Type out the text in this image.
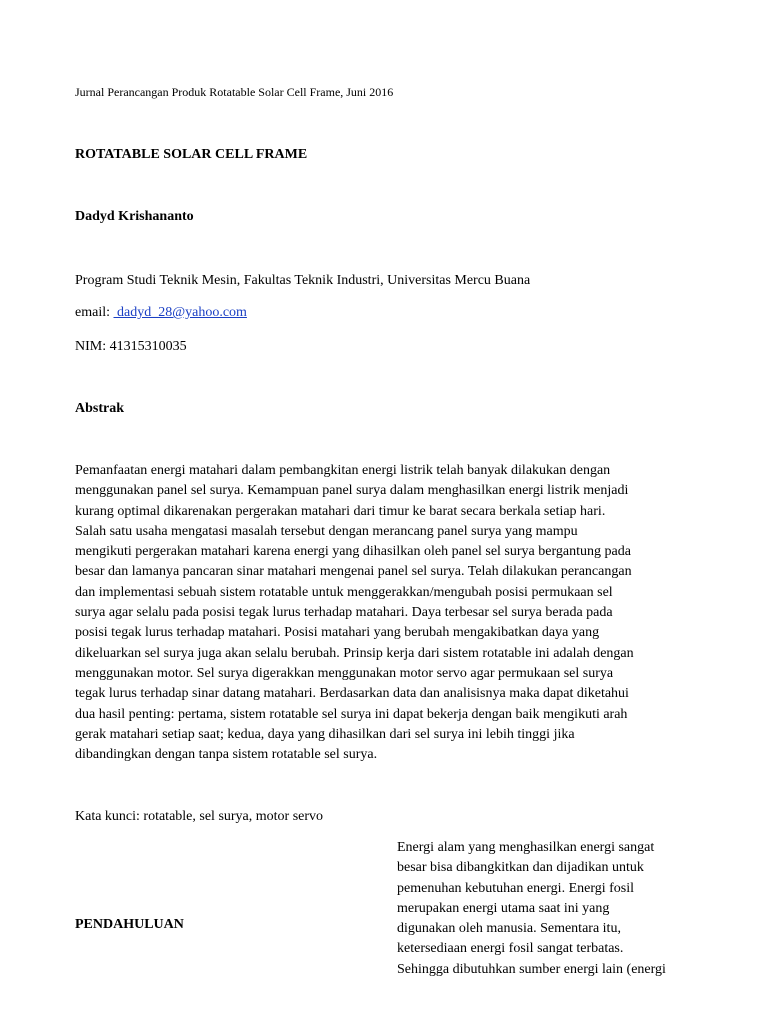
Jurnal Perancangan Produk Rotatable Solar Cell Frame, Juni 2016
ROTATABLE SOLAR CELL FRAME
Dadyd Krishananto
Program Studi Teknik Mesin, Fakultas Teknik Industri, Universitas Mercu Buana
email:  dadyd_28@yahoo.com
NIM: 41315310035
Abstrak
Pemanfaatan energi matahari dalam pembangkitan energi listrik telah banyak dilakukan dengan
menggunakan panel sel surya. Kemampuan panel surya dalam menghasilkan energi listrik menjadi
kurang optimal dikarenakan pergerakan matahari dari timur ke barat secara berkala setiap hari.
Salah satu usaha mengatasi masalah tersebut dengan merancang panel surya yang mampu
mengikuti pergerakan matahari karena energi yang dihasilkan oleh panel sel surya bergantung pada
besar dan lamanya pancaran sinar matahari mengenai panel sel surya. Telah dilakukan perancangan
dan implementasi sebuah sistem rotatable untuk menggerakkan/mengubah posisi permukaan sel
surya agar selalu pada posisi tegak lurus terhadap matahari. Daya terbesar sel surya berada pada
posisi tegak lurus terhadap matahari. Posisi matahari yang berubah mengakibatkan daya yang
dikeluarkan sel surya juga akan selalu berubah. Prinsip kerja dari sistem rotatable ini adalah dengan
menggunakan motor. Sel surya digerakkan menggunakan motor servo agar permukaan sel surya
tegak lurus terhadap sinar datang matahari. Berdasarkan data dan analisisnya maka dapat diketahui
dua hasil penting: pertama, sistem rotatable sel surya ini dapat bekerja dengan baik mengikuti arah
gerak matahari setiap saat; kedua, daya yang dihasilkan dari sel surya ini lebih tinggi jika
dibandingkan dengan tanpa sistem rotatable sel surya.
Kata kunci: rotatable, sel surya, motor servo
PENDAHULUAN
Energi alam yang menghasilkan energi sangat
besar bisa dibangkitkan dan dijadikan untuk
pemenuhan kebutuhan energi. Energi fosil
merupakan energi utama saat ini yang
digunakan oleh manusia. Sementara itu,
ketersediaan energi fosil sangat terbatas.
Sehingga dibutuhkan sumber energi lain (energi
